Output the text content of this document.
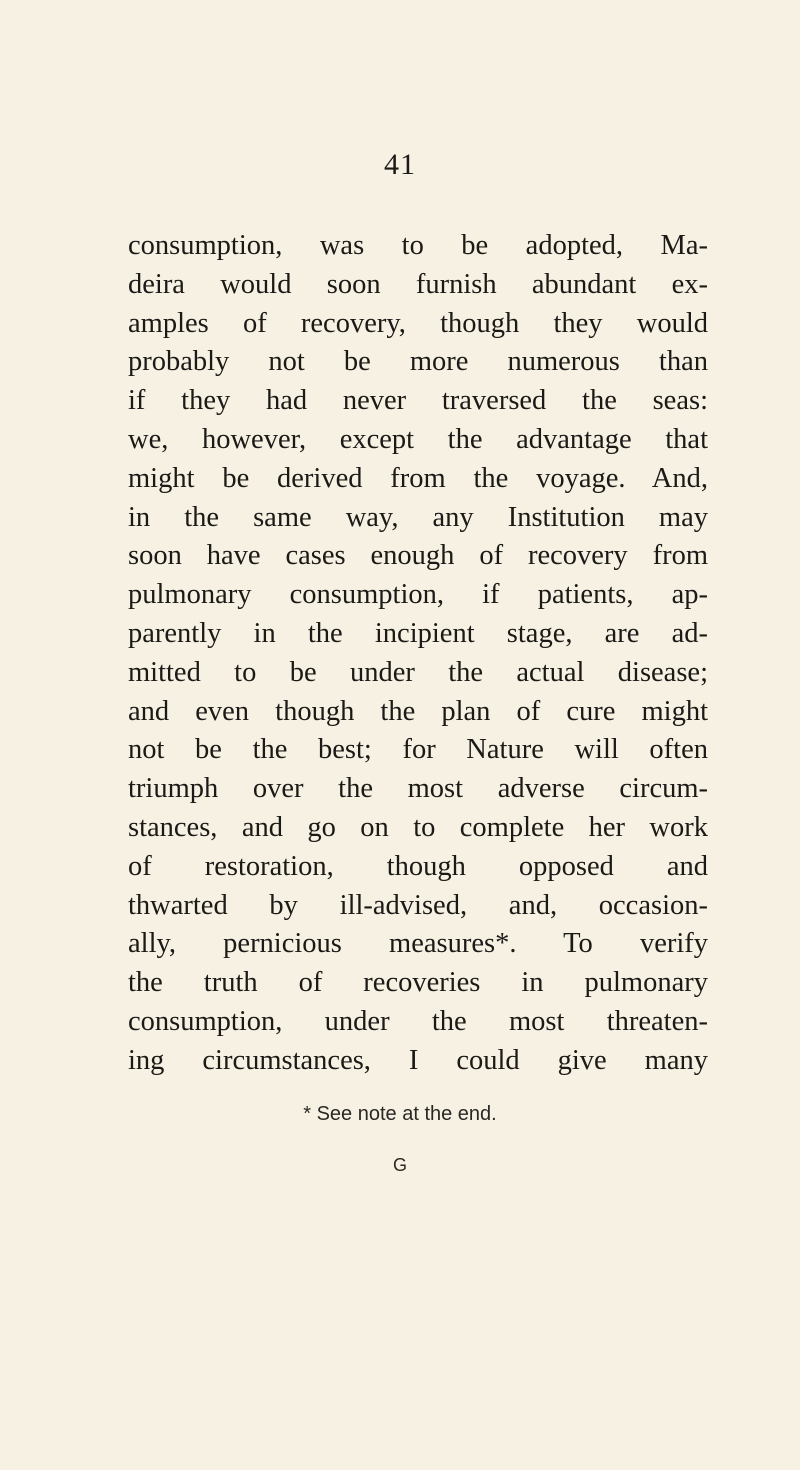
41
consumption, was to be adopted, Ma-
deira would soon furnish abundant ex-
amples of recovery, though they would
probably not be more numerous than
if they had never traversed the seas:
we, however, except the advantage that
might be derived from the voyage. And,
in the same way, any Institution may
soon have cases enough of recovery from
pulmonary consumption, if patients, ap-
parently in the incipient stage, are ad-
mitted to be under the actual disease;
and even though the plan of cure might
not be the best; for Nature will often
triumph over the most adverse circum-
stances, and go on to complete her work
of restoration, though opposed and
thwarted by ill-advised, and, occasion-
ally, pernicious measures*. To verify
the truth of recoveries in pulmonary
consumption, under the most threaten-
ing circumstances, I could give many
* See note at the end.
G
